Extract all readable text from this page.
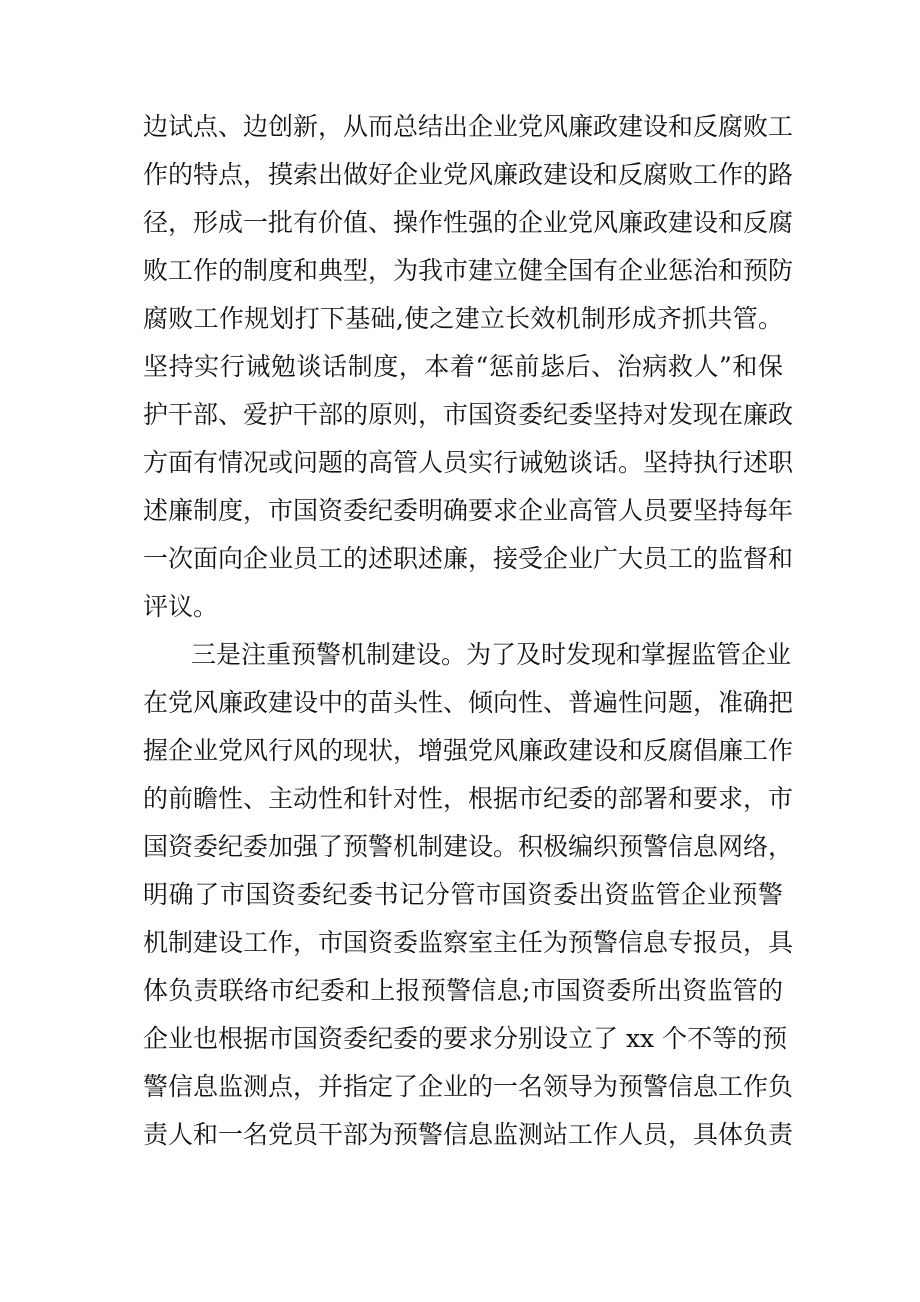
边试点、边创新，从而总结出企业党风廉政建设和反腐败工
作的特点，摸索出做好企业党风廉政建设和反腐败工作的路
径，形成一批有价值、操作性强的企业党风廉政建设和反腐
败工作的制度和典型，为我市建立健全国有企业惩治和预防
腐败工作规划打下基础,使之建立长效机制形成齐抓共管。
坚持实行诫勉谈话制度，本着“惩前毖后、治病救人”和保
护干部、爱护干部的原则，市国资委纪委坚持对发现在廉政
方面有情况或问题的高管人员实行诫勉谈话。坚持执行述职
述廉制度，市国资委纪委明确要求企业高管人员要坚持每年
一次面向企业员工的述职述廉，接受企业广大员工的监督和
评议。
三是注重预警机制建设。为了及时发现和掌握监管企业
在党风廉政建设中的苗头性、倾向性、普遍性问题，准确把
握企业党风行风的现状，增强党风廉政建设和反腐倡廉工作
的前瞻性、主动性和针对性，根据市纪委的部署和要求，市
国资委纪委加强了预警机制建设。积极编织预警信息网络，
明确了市国资委纪委书记分管市国资委出资监管企业预警
机制建设工作，市国资委监察室主任为预警信息专报员，具
体负责联络市纪委和上报预警信息;市国资委所出资监管的
企业也根据市国资委纪委的要求分别设立了 xx 个不等的预
警信息监测点，并指定了企业的一名领导为预警信息工作负
责人和一名党员干部为预警信息监测站工作人员，具体负责
